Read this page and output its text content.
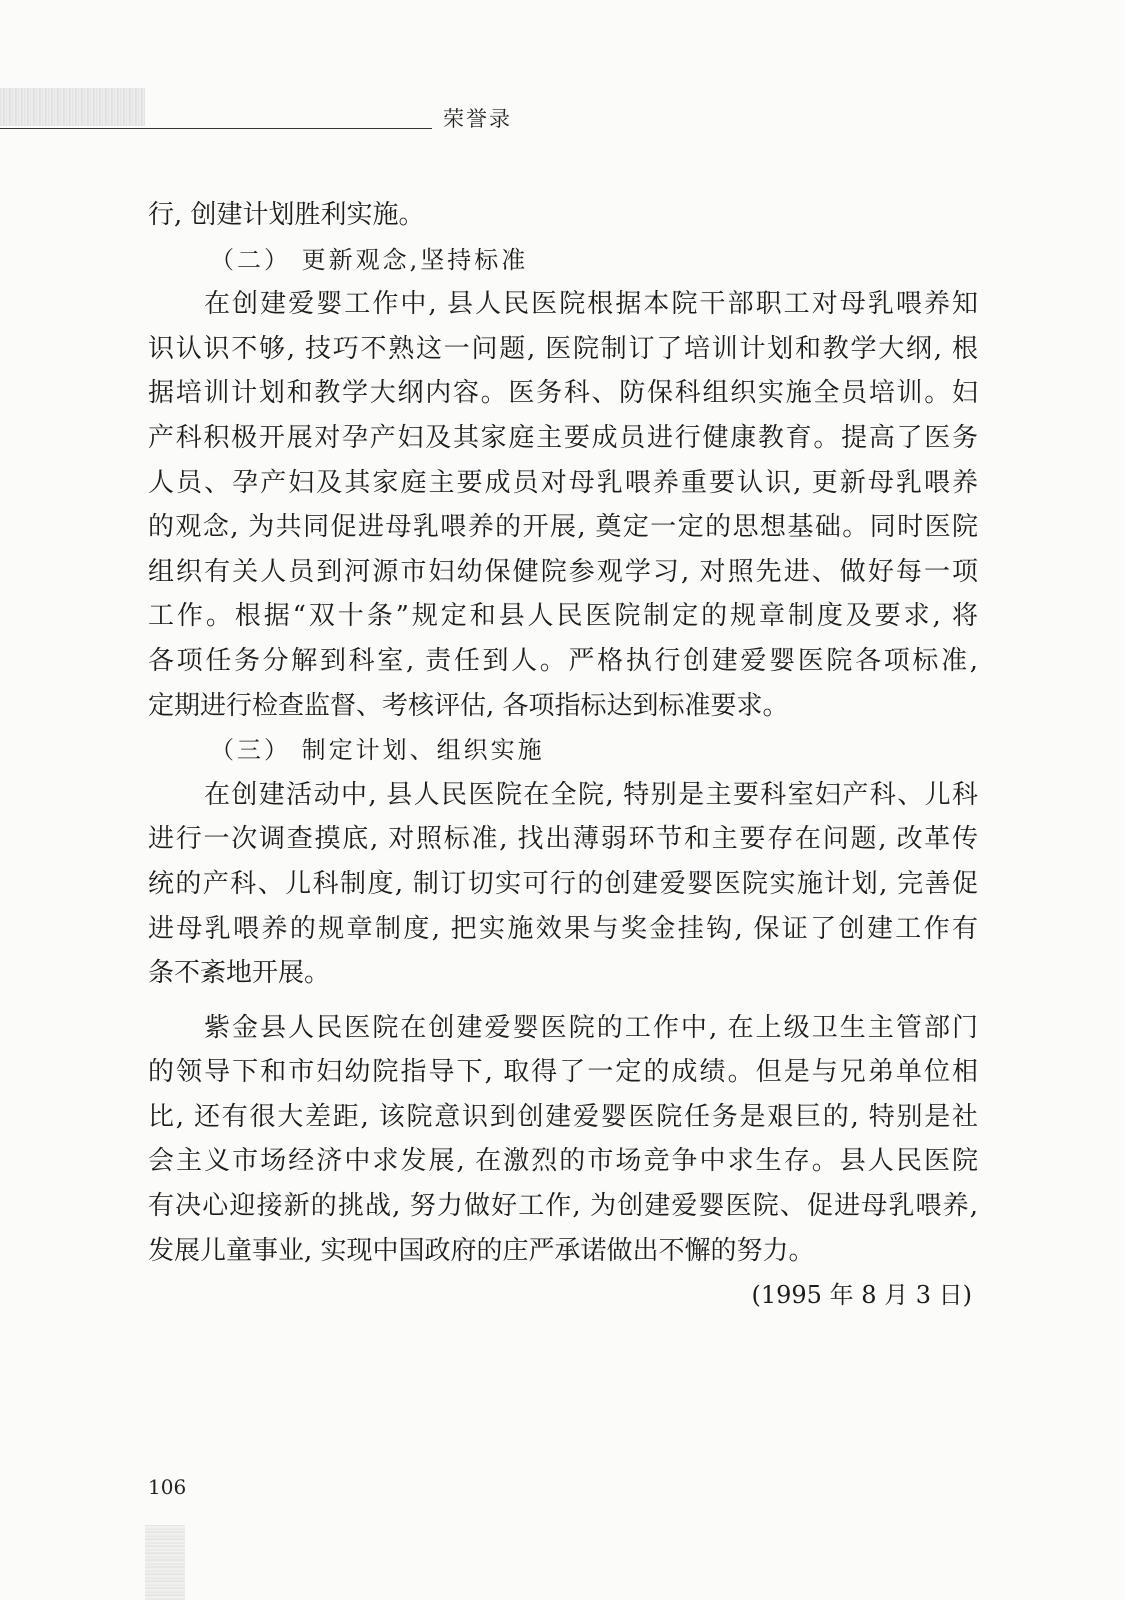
荣誉录
行, 创建计划胜利实施。
（二） 更新观念,坚持标准
在创建爱婴工作中, 县人民医院根据本院干部职工对母乳喂养知
识认识不够, 技巧不熟这一问题, 医院制订了培训计划和教学大纲, 根
据培训计划和教学大纲内容。医务科、防保科组织实施全员培训。妇
产科积极开展对孕产妇及其家庭主要成员进行健康教育。提高了医务
人员、孕产妇及其家庭主要成员对母乳喂养重要认识, 更新母乳喂养
的观念, 为共同促进母乳喂养的开展, 奠定一定的思想基础。同时医院
组织有关人员到河源市妇幼保健院参观学习, 对照先进、做好每一项
工作。根据“双十条”规定和县人民医院制定的规章制度及要求, 将
各项任务分解到科室, 责任到人。严格执行创建爱婴医院各项标准,
定期进行检查监督、考核评估, 各项指标达到标准要求。
（三） 制定计划、组织实施
在创建活动中, 县人民医院在全院, 特别是主要科室妇产科、儿科
进行一次调查摸底, 对照标准, 找出薄弱环节和主要存在问题, 改革传
统的产科、儿科制度, 制订切实可行的创建爱婴医院实施计划, 完善促
进母乳喂养的规章制度, 把实施效果与奖金挂钩, 保证了创建工作有
条不紊地开展。
紫金县人民医院在创建爱婴医院的工作中, 在上级卫生主管部门
的领导下和市妇幼院指导下, 取得了一定的成绩。但是与兄弟单位相
比, 还有很大差距, 该院意识到创建爱婴医院任务是艰巨的, 特别是社
会主义市场经济中求发展, 在激烈的市场竞争中求生存。县人民医院
有决心迎接新的挑战, 努力做好工作, 为创建爱婴医院、促进母乳喂养,
发展儿童事业, 实现中国政府的庄严承诺做出不懈的努力。
(1995 年 8 月 3 日)
106
